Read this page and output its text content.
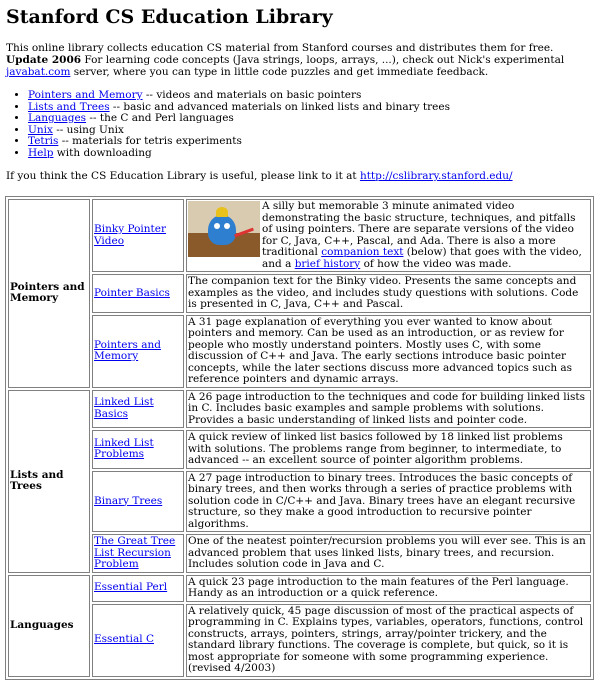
Stanford CS Education Library

This online library collects education CS material from Stanford courses and distributes them for free. Update 2006 For learning code concepts (Java strings, loops, arrays, ...), check out Nick's experimental javabat.com server, where you can type in little code puzzles and get immediate feedback.

• Pointers and Memory -- videos and materials on basic pointers
• Lists and Trees -- basic and advanced materials on linked lists and binary trees
• Languages -- the C and Perl languages
• Unix -- using Unix
• Tetris -- materials for tetris experiments
• Help with downloading

If you think the CS Education Library is useful, please link to it at http://cslibrary.stanford.edu/

Pointers and Memory	Binky Pointer Video	A silly but memorable 3 minute animated video demonstrating the basic structure, techniques, and pitfalls of using pointers. There are separate versions of the video for C, Java, C++, Pascal, and Ada. There is also a more traditional companion text (below) that goes with the video, and a brief history of how the video was made.

	Pointer Basics	The companion text for the Binky video. Presents the same concepts and examples as the video, and includes study questions with solutions. Code is presented in C, Java, C++ and Pascal.

	Pointers and Memory	A 31 page explanation of everything you ever wanted to know about pointers and memory. Can be used as an introduction, or as review for people who mostly understand pointers. Mostly uses C, with some discussion of C++ and Java. The early sections introduce basic pointer concepts, while the later sections discuss more advanced topics such as reference pointers and dynamic arrays.
Lists and Trees	Linked List Basics	A 26 page introduction to the techniques and code for building linked lists in C. Includes basic examples and sample problems with solutions. Provides a basic understanding of linked lists and pointer code.

	Linked List Problems	A quick review of linked list basics followed by 18 linked list problems with solutions. The problems range from beginner, to intermediate, to advanced -- an excellent source of pointer algorithm problems.

	Binary Trees	A 27 page introduction to binary trees. Introduces the basic concepts of binary trees, and then works through a series of practice problems with solution code in C/C++ and Java. Binary trees have an elegant recursive structure, so they make a good introduction to recursive pointer algorithms.

	The Great Tree List Recursion Problem	One of the neatest pointer/recursion problems you will ever see. This is an advanced problem that uses linked lists, binary trees, and recursion. Includes solution code in Java and C.
Languages	Essential Perl	A quick 23 page introduction to the main features of the Perl language. Handy as an introduction or a quick reference.

	Essential C	A relatively quick, 45 page discussion of most of the practical aspects of programming in C. Explains types, variables, operators, functions, control constructs, arrays, pointers, strings, array/pointer trickery, and the standard library functions. The coverage is complete, but quick, so it is most appropriate for someone with some programming experience. (revised 4/2003)
